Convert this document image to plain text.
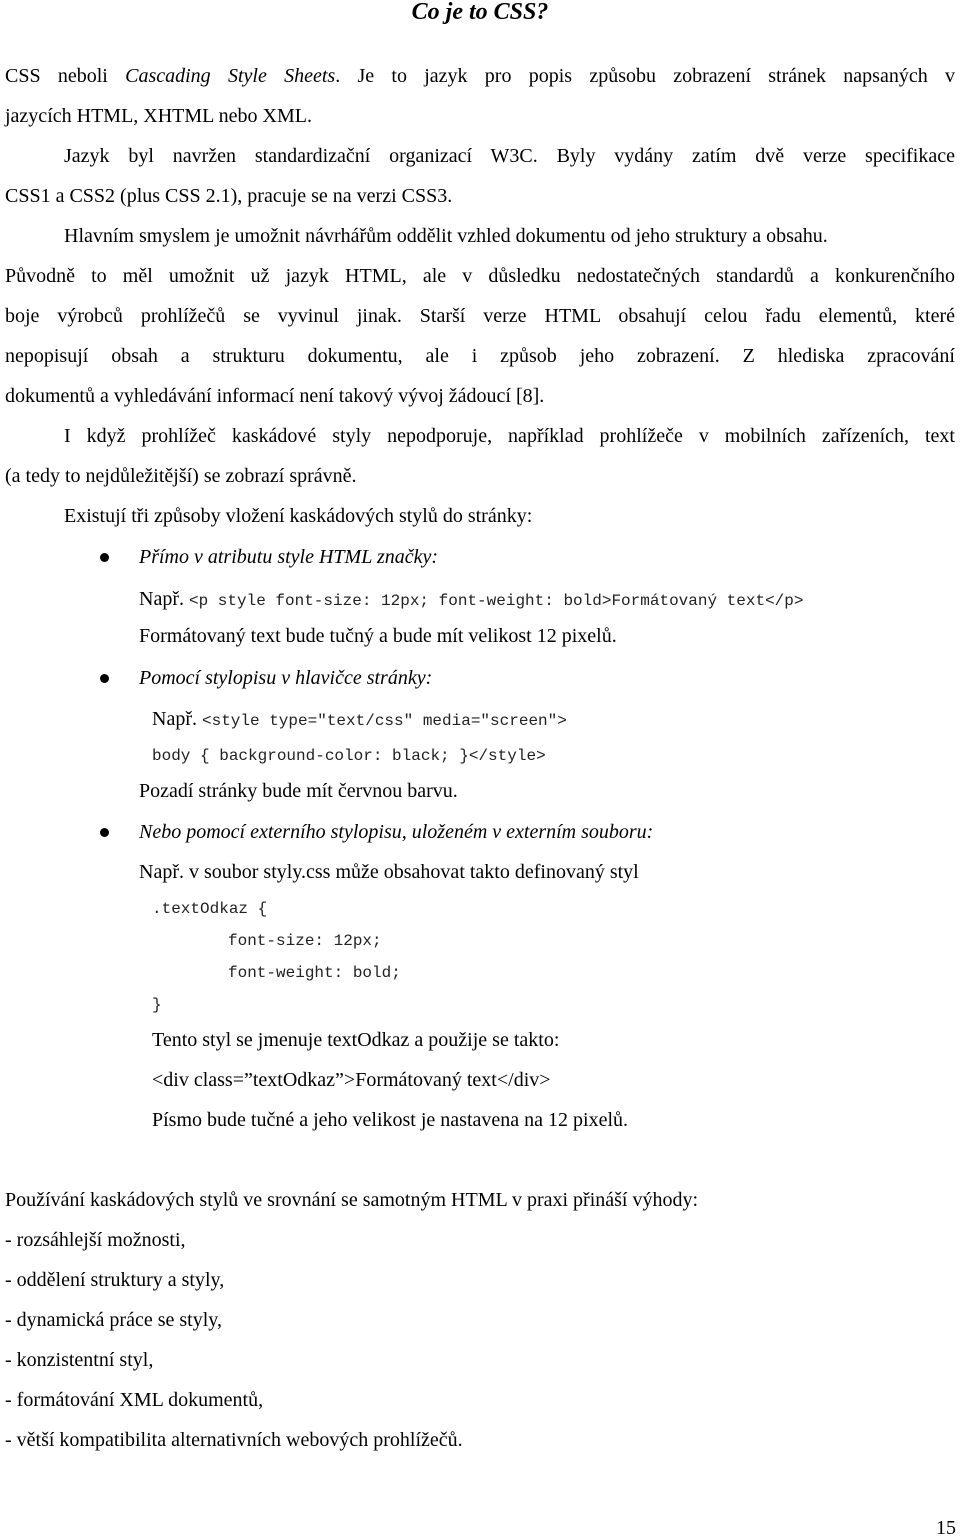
Co je to CSS?
CSS neboli Cascading Style Sheets. Je to jazyk pro popis způsobu zobrazení stránek napsaných v
jazycích HTML, XHTML nebo XML.
Jazyk byl navržen standardizační organizací W3C. Byly vydány zatím dvě verze specifikace
CSS1 a CSS2 (plus CSS 2.1), pracuje se na verzi CSS3.
Hlavním smyslem je umožnit návrhářům oddělit vzhled dokumentu od jeho struktury a obsahu.
Původně to měl umožnit už jazyk HTML, ale v důsledku nedostatečných standardů a konkurenčního
boje výrobců prohlížečů se vyvinul jinak. Starší verze HTML obsahují celou řadu elementů, které
nepopisují obsah a strukturu dokumentu, ale i způsob jeho zobrazení. Z hlediska zpracování
dokumentů a vyhledávání informací není takový vývoj žádoucí [8].
I když prohlížeč kaskádové styly nepodporuje, například prohlížeče v mobilních zařízeních, text
(a tedy to nejdůležitější) se zobrazí správně.
Existují tři způsoby vložení kaskádových stylů do stránky:
Přímo v atributu style HTML značky:
Např. <p style font-size: 12px; font-weight: bold>Formátovaný text</p>
Formátovaný text bude tučný a bude mít velikost 12 pixelů.
Pomocí stylopisu v hlavičce stránky:
Např. <style type="text/css" media="screen">
body { background-color: black; }</style>
Pozadí stránky bude mít červnou barvu.
Nebo pomocí externího stylopisu, uloženém v externím souboru:
Např. v soubor styly.css může obsahovat takto definovaný styl
.textOdkaz {
font-size: 12px;
font-weight: bold;
}
Tento styl se jmenuje textOdkaz a použije se takto:
<div class=”textOdkaz”>Formátovaný text</div>
Písmo bude tučné a jeho velikost je nastavena na 12 pixelů.
Používání kaskádových stylů ve srovnání se samotným HTML v praxi přináší výhody:
- rozsáhlejší možnosti,
- oddělení struktury a styly,
- dynamická práce se styly,
- konzistentní styl,
- formátování XML dokumentů,
- větší kompatibilita alternativních webových prohlížečů.
15
